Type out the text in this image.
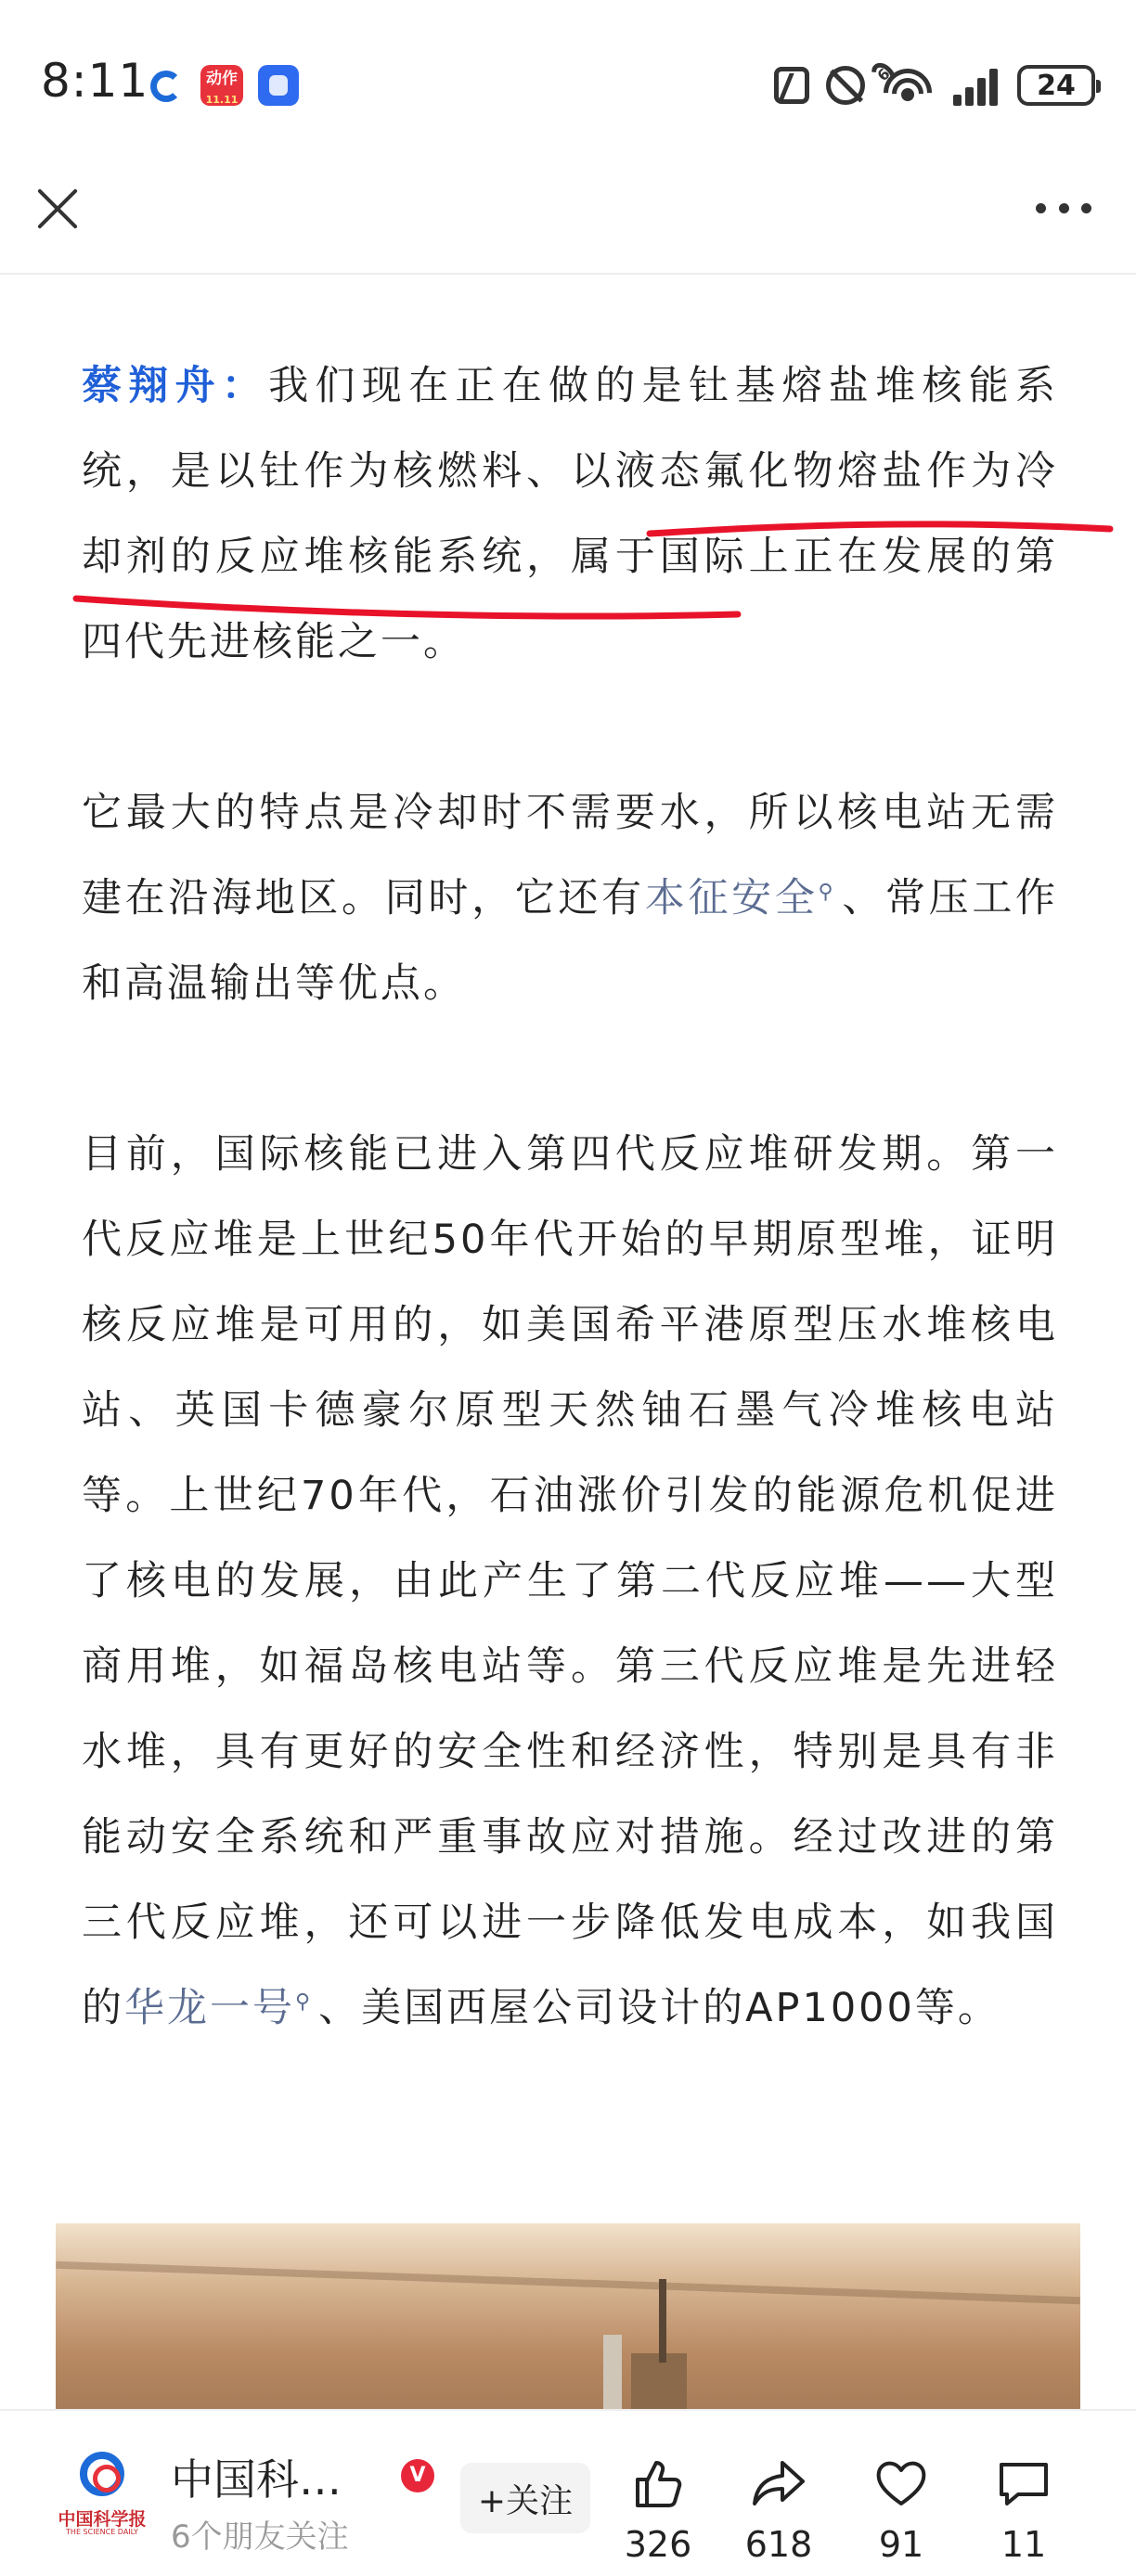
8:11	动作
11.11
6	24

蔡翔舟：我们现在正在做的是钍基熔盐堆核能系统，是以钍作为核燃料、以液态氟化物熔盐作为冷却剂的反应堆核能系统，属于国际上正在发展的第四代先进核能之一。

它最大的特点是冷却时不需要水，所以核电站无需建在沿海地区。同时，它还有本征安全⚲ 、常压工作和高温输出等优点。

目前，国际核能已进入第四代反应堆研发期。第一代反应堆是上世纪50年代开始的早期原型堆，证明核反应堆是可用的，如美国希平港原型压水堆核电站、英国卡德豪尔原型天然铀石墨气冷堆核电站等。上世纪70年代，石油涨价引发的能源危机促进了核电的发展，由此产生了第二代反应堆——大型商用堆，如福岛核电站等。第三代反应堆是先进轻水堆，具有更好的安全性和经济性，特别是具有非能动安全系统和严重事故应对措施。经过改进的第三代反应堆，还可以进一步降低发电成本，如我国的华龙一号⚲ 、美国西屋公司设计的AP1000等。

中国科学报
THE SCIENCE DAILY
中国科…	V
6个朋友关注
+关注
326	618	91	11
